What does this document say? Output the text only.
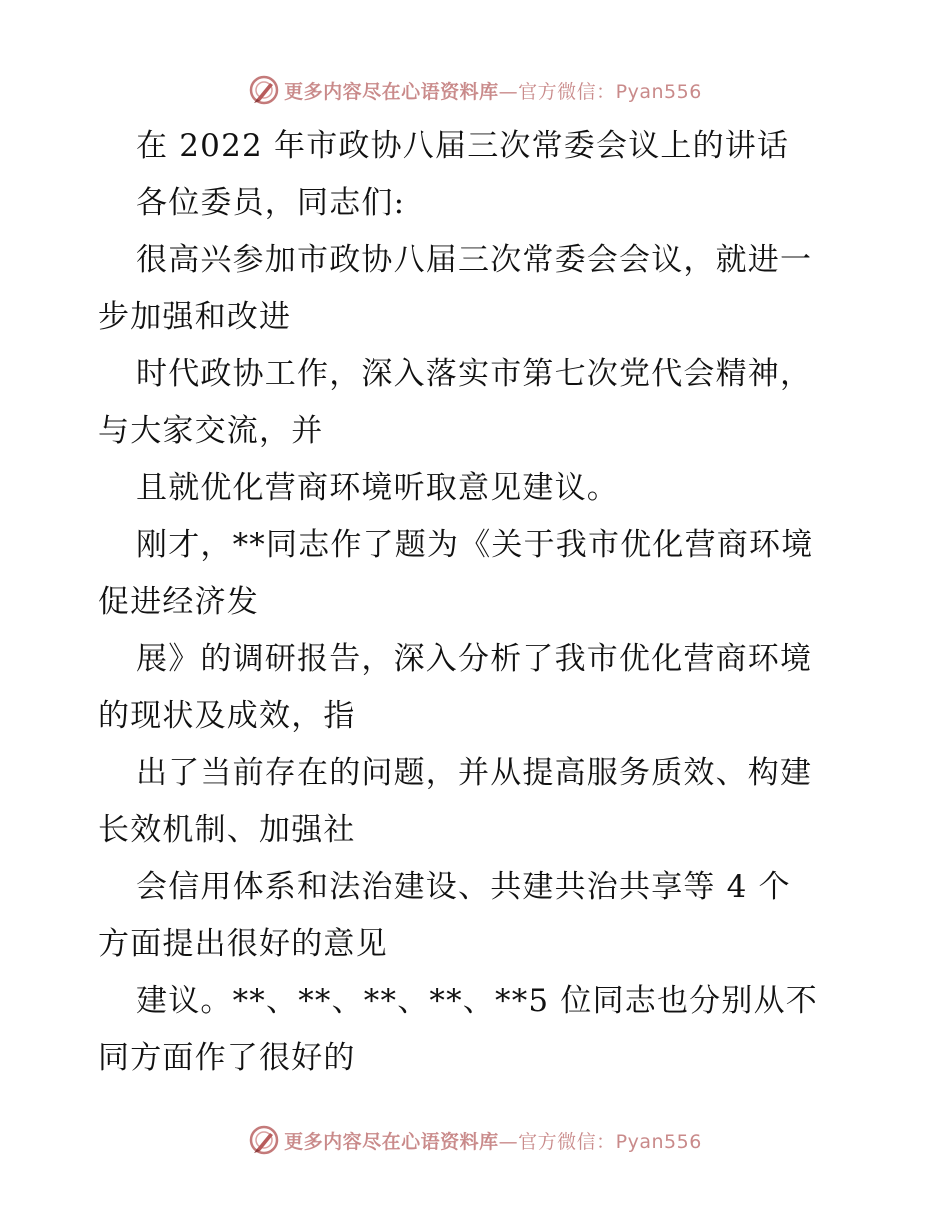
更多内容尽在心语资料库—官方微信：Pyan556
在 2022 年市政协八届三次常委会议上的讲话
各位委员，同志们:
很高兴参加市政协八届三次常委会会议，就进一
步加强和改进
时代政协工作，深入落实市第七次党代会精神，
与大家交流，并
且就优化营商环境听取意见建议。
刚才，**同志作了题为《关于我市优化营商环境
促进经济发
展》的调研报告，深入分析了我市优化营商环境
的现状及成效，指
出了当前存在的问题，并从提高服务质效、构建
长效机制、加强社
会信用体系和法治建设、共建共治共享等 4 个
方面提出很好的意见
建议。**、**、**、**、**5 位同志也分别从不
同方面作了很好的
更多内容尽在心语资料库—官方微信：Pyan556
